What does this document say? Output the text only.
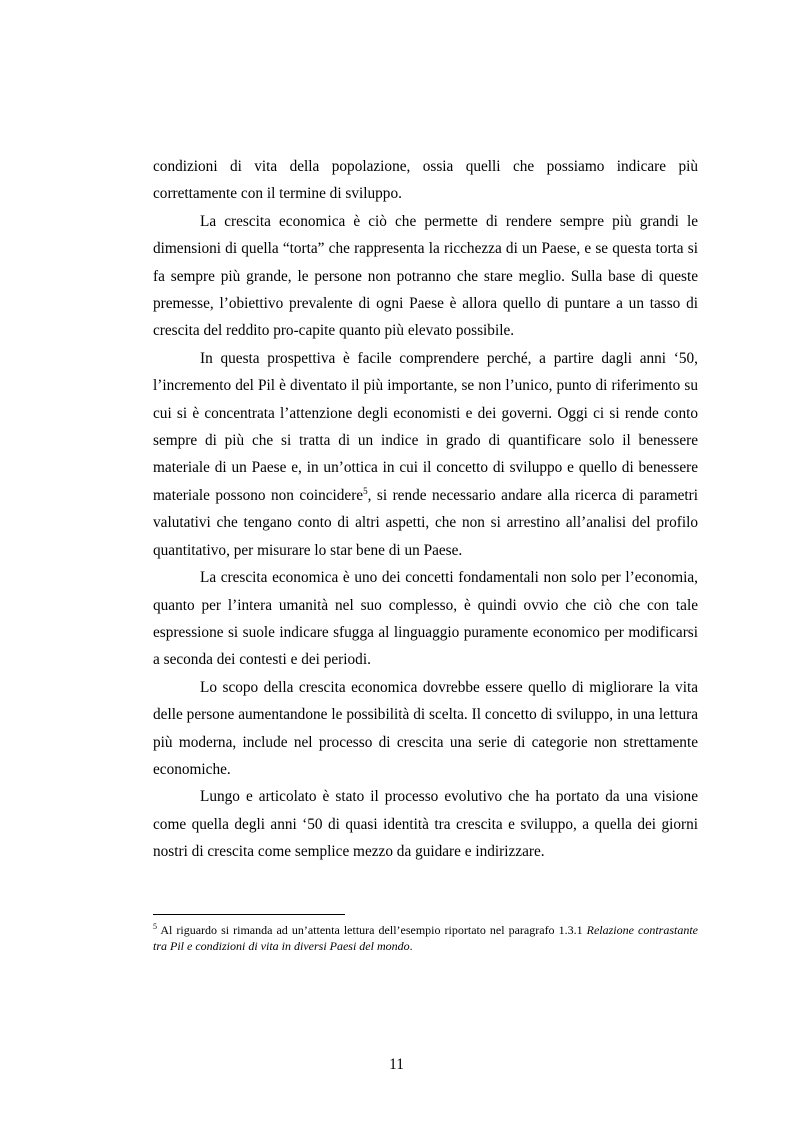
condizioni di vita della popolazione, ossia quelli che possiamo indicare più correttamente con il termine di sviluppo.

La crescita economica è ciò che permette di rendere sempre più grandi le dimensioni di quella “torta” che rappresenta la ricchezza di un Paese, e se questa torta si fa sempre più grande, le persone non potranno che stare meglio. Sulla base di queste premesse, l’obiettivo prevalente di ogni Paese è allora quello di puntare a un tasso di crescita del reddito pro-capite quanto più elevato possibile.

In questa prospettiva è facile comprendere perché, a partire dagli anni ‘50, l’incremento del Pil è diventato il più importante, se non l’unico, punto di riferimento su cui si è concentrata l’attenzione degli economisti e dei governi. Oggi ci si rende conto sempre di più che si tratta di un indice in grado di quantificare solo il benessere materiale di un Paese e, in un’ottica in cui il concetto di sviluppo e quello di benessere materiale possono non coincidere$^5$, si rende necessario andare alla ricerca di parametri valutativi che tengano conto di altri aspetti, che non si arrestino all’analisi del profilo quantitativo, per misurare lo star bene di un Paese.

La crescita economica è uno dei concetti fondamentali non solo per l’economia, quanto per l’intera umanità nel suo complesso, è quindi ovvio che ciò che con tale espressione si suole indicare sfugga al linguaggio puramente economico per modificarsi a seconda dei contesti e dei periodi.

Lo scopo della crescita economica dovrebbe essere quello di migliorare la vita delle persone aumentandone le possibilità di scelta. Il concetto di sviluppo, in una lettura più moderna, include nel processo di crescita una serie di categorie non strettamente economiche.

Lungo e articolato è stato il processo evolutivo che ha portato da una visione come quella degli anni ‘50 di quasi identità tra crescita e sviluppo, a quella dei giorni nostri di crescita come semplice mezzo da guidare e indirizzare.

$^5$ Al riguardo si rimanda ad un’attenta lettura dell’esempio riportato nel paragrafo 1.3.1 Relazione contrastante tra Pil e condizioni di vita in diversi Paesi del mondo.
11
